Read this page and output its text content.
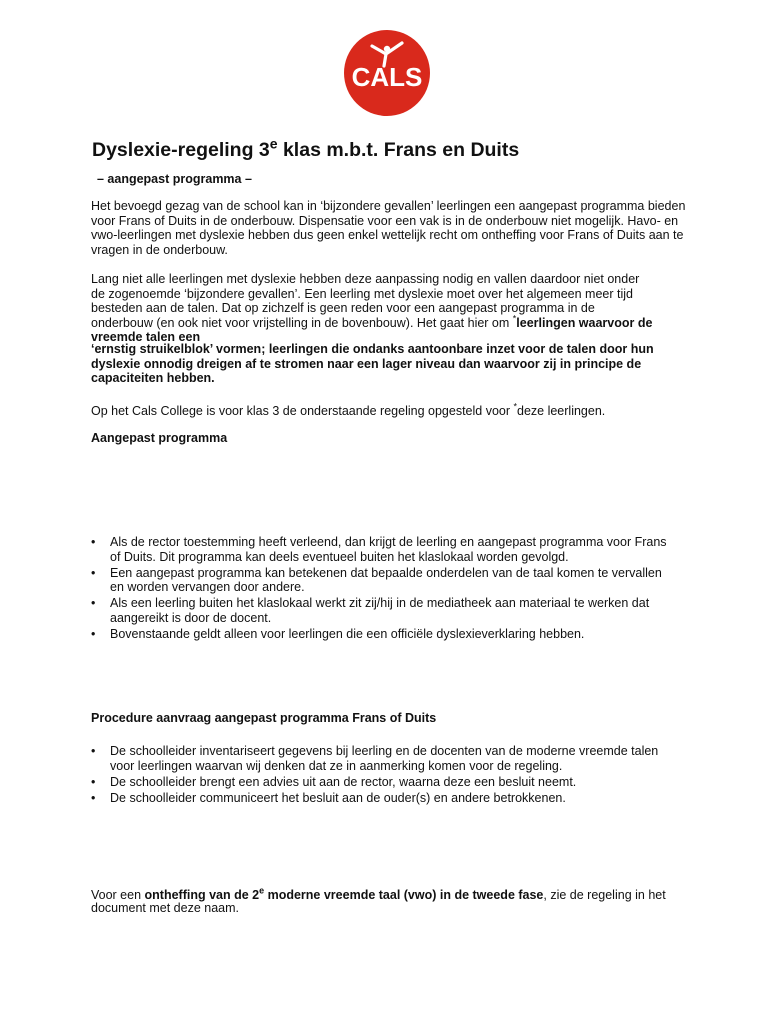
CALS
Dyslexie-regeling 3e klas m.b.t. Frans en Duits
– aangepast programma –
Het bevoegd gezag van de school kan in ‘bijzondere gevallen’ leerlingen een aangepast programma bieden voor Frans of Duits in de onderbouw. Dispensatie voor een vak is in de onderbouw niet mogelijk. Havo- en vwo-leerlingen met dyslexie hebben dus geen enkel wettelijk recht om ontheffing voor Frans of Duits aan te vragen in de onderbouw.
Lang niet alle leerlingen met dyslexie hebben deze aanpassing nodig en vallen daardoor niet onder
de zogenoemde ‘bijzondere gevallen’. Een leerling met dyslexie moet over het algemeen meer tijd
besteden aan de talen. Dat op zichzelf is geen reden voor een aangepast programma in de
onderbouw (en ook niet voor vrijstelling in de bovenbouw). Het gaat hier om *leerlingen waarvoor de
vreemde talen een
‘ernstig struikelblok’ vormen; leerlingen die ondanks aantoonbare inzet voor de talen door hun dyslexie onnodig dreigen af te stromen naar een lager niveau dan waarvoor zij in principe de capaciteiten hebben.
Op het Cals College is voor klas 3 de onderstaande regeling opgesteld voor *deze leerlingen.
Aangepast programma
•	Als de rector toestemming heeft verleend, dan krijgt de leerling en aangepast programma voor Frans of Duits. Dit programma kan deels eventueel buiten het klaslokaal worden gevolgd.
•	Een aangepast programma kan betekenen dat bepaalde onderdelen van de taal komen te vervallen en worden vervangen door andere.
•	Als een leerling buiten het klaslokaal werkt zit zij/hij in de mediatheek aan materiaal te werken dat aangereikt is door de docent.
•	Bovenstaande geldt alleen voor leerlingen die een officiële dyslexieverklaring hebben.
Procedure aanvraag aangepast programma Frans of Duits
•	De schoolleider inventariseert gegevens bij leerling en de docenten van de moderne vreemde talen voor leerlingen waarvan wij denken dat ze in aanmerking komen voor de regeling.
•	De schoolleider brengt een advies uit aan de rector, waarna deze een besluit neemt.
•	De schoolleider communiceert het besluit aan de ouder(s) en andere betrokkenen.
Voor een ontheffing van de 2e moderne vreemde taal (vwo) in de tweede fase, zie de regeling in het document met deze naam.
